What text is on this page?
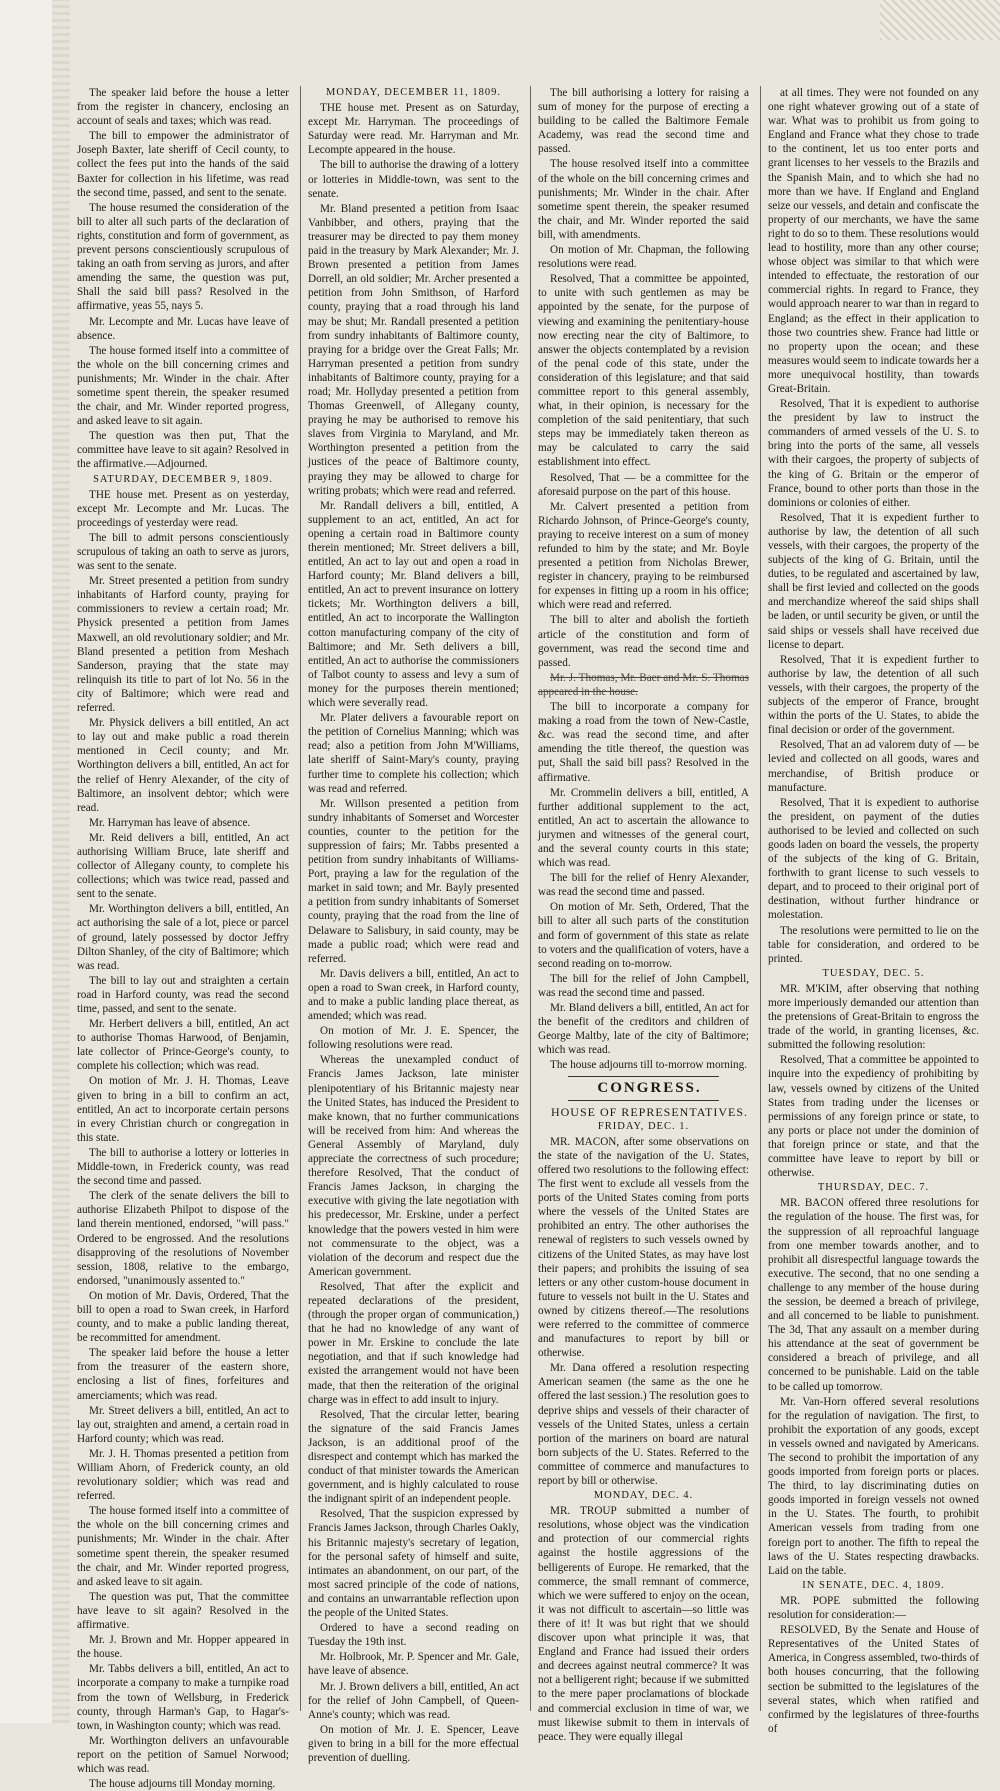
The speaker laid before the house a letter from the register in chancery, enclosing an account of seals and taxes; which was read.

The bill to empower the administrator of Joseph Baxter, late sheriff of Cecil county, to collect the fees put into the hands of the said Baxter for collection in his lifetime, was read the second time, passed, and sent to the senate.

The house resumed the consideration of the bill to alter all such parts of the declaration of rights, constitution and form of government, as prevent persons conscientiously scrupulous of taking an oath from serving as jurors, and after amending the same, the question was put, Shall the said bill pass? Resolved in the affirmative, yeas 55, nays 5.

Mr. Lecompte and Mr. Lucas have leave of absence.

The house formed itself into a committee of the whole on the bill concerning crimes and punishments; Mr. Winder in the chair. After sometime spent therein, the speaker resumed the chair, and Mr. Winder reported progress, and asked leave to sit again.

The question was then put, That the committee have leave to sit again? Resolved in the affirmative.—Adjourned.

SATURDAY, DECEMBER 9, 1809.

THE house met. Present as on yesterday, except Mr. Lecompte and Mr. Lucas. The proceedings of yesterday were read.

The bill to admit persons conscientiously scrupulous of taking an oath to serve as jurors, was sent to the senate.

Mr. Street presented a petition from sundry inhabitants of Harford county, praying for commissioners to review a certain road; Mr. Physick presented a petition from James Maxwell, an old revolutionary soldier; and Mr. Bland presented a petition from Meshach Sanderson, praying that the state may relinquish its title to part of lot No. 56 in the city of Baltimore; which were read and referred.

Mr. Physick delivers a bill entitled, An act to lay out and make public a road therein mentioned in Cecil county; and Mr. Worthington delivers a bill, entitled, An act for the relief of Henry Alexander, of the city of Baltimore, an insolvent debtor; which were read.

Mr. Harryman has leave of absence.

Mr. Reid delivers a bill, entitled, An act authorising William Bruce, late sheriff and collector of Allegany county, to complete his collections; which was twice read, passed and sent to the senate.

Mr. Worthington delivers a bill, entitled, An act authorising the sale of a lot, piece or parcel of ground, lately possessed by doctor Jeffry Dilton Shanley, of the city of Baltimore; which was read.

The bill to lay out and straighten a certain road in Harford county, was read the second time, passed, and sent to the senate.

Mr. Herbert delivers a bill, entitled, An act to authorise Thomas Harwood, of Benjamin, late collector of Prince-George's county, to complete his collection; which was read.

On motion of Mr. J. H. Thomas, Leave given to bring in a bill to confirm an act, entitled, An act to incorporate certain persons in every Christian church or congregation in this state.

The bill to authorise a lottery or lotteries in Middle-town, in Frederick county, was read the second time and passed.

The clerk of the senate delivers the bill to authorise Elizabeth Philpot to dispose of the land therein mentioned, endorsed, "will pass." Ordered to be engrossed. And the resolutions disapproving of the resolutions of November session, 1808, relative to the embargo, endorsed, "unanimously assented to."

On motion of Mr. Davis, Ordered, That the bill to open a road to Swan creek, in Harford county, and to make a public landing thereat, be recommitted for amendment.

The speaker laid before the house a letter from the treasurer of the eastern shore, enclosing a list of fines, forfeitures and amerciaments; which was read.

Mr. Street delivers a bill, entitled, An act to lay out, straighten and amend, a certain road in Harford county; which was read.

Mr. J. H. Thomas presented a petition from William Ahorn, of Frederick county, an old revolutionary soldier; which was read and referred.

The house formed itself into a committee of the whole on the bill concerning crimes and punishments; Mr. Winder in the chair. After sometime spent therein, the speaker resumed the chair, and Mr. Winder reported progress, and asked leave to sit again.

The question was put, That the committee have leave to sit again? Resolved in the affirmative.

Mr. J. Brown and Mr. Hopper appeared in the house.

Mr. Tabbs delivers a bill, entitled, An act to incorporate a company to make a turnpike road from the town of Wellsburg, in Frederick county, through Harman's Gap, to Hagar's-town, in Washington county; which was read.

Mr. Worthington delivers an unfavourable report on the petition of Samuel Norwood; which was read.

The house adjourns till Monday morning.

MONDAY, DECEMBER 11, 1809.

THE house met. Present as on Saturday, except Mr. Harryman. The proceedings of Saturday were read. Mr. Harryman and Mr. Lecompte appeared in the house.

The bill to authorise the drawing of a lottery or lotteries in Middle-town, was sent to the senate.

Mr. Bland presented a petition from Isaac Vanbibber, and others, praying that the treasurer may be directed to pay them money paid in the treasury by Mark Alexander; Mr. J. Brown presented a petition from James Dorrell, an old soldier; Mr. Archer presented a petition from John Smithson, of Harford county, praying that a road through his land may be shut; Mr. Randall presented a petition from sundry inhabitants of Baltimore county, praying for a bridge over the Great Falls; Mr. Harryman presented a petition from sundry inhabitants of Baltimore county, praying for a road; Mr. Hollyday presented a petition from Thomas Greenwell, of Allegany county, praying he may be authorised to remove his slaves from Virginia to Maryland, and Mr. Worthington presented a petition from the justices of the peace of Baltimore county, praying they may be allowed to charge for writing probats; which were read and referred.

Mr. Randall delivers a bill, entitled, A supplement to an act, entitled, An act for opening a certain road in Baltimore county therein mentioned; Mr. Street delivers a bill, entitled, An act to lay out and open a road in Harford county; Mr. Bland delivers a bill, entitled, An act to prevent insurance on lottery tickets; Mr. Worthington delivers a bill, entitled, An act to incorporate the Wallington cotton manufacturing company of the city of Baltimore; and Mr. Seth delivers a bill, entitled, An act to authorise the commissioners of Talbot county to assess and levy a sum of money for the purposes therein mentioned; which were severally read.

Mr. Plater delivers a favourable report on the petition of Cornelius Manning; which was read; also a petition from John M'Williams, late sheriff of Saint-Mary's county, praying further time to complete his collection; which was read and referred.

Mr. Willson presented a petition from sundry inhabitants of Somerset and Worcester counties, counter to the petition for the suppression of fairs; Mr. Tabbs presented a petition from sundry inhabitants of Williams-Port, praying a law for the regulation of the market in said town; and Mr. Bayly presented a petition from sundry inhabitants of Somerset county, praying that the road from the line of Delaware to Salisbury, in said county, may be made a public road; which were read and referred.

Mr. Davis delivers a bill, entitled, An act to open a road to Swan creek, in Harford county, and to make a public landing place thereat, as amended; which was read.

On motion of Mr. J. E. Spencer, the following resolutions were read.

Whereas the unexampled conduct of Francis James Jackson, late minister plenipotentiary of his Britannic majesty near the United States, has induced the President to make known, that no further communications will be received from him: And whereas the General Assembly of Maryland, duly appreciate the correctness of such procedure; therefore Resolved, That the conduct of Francis James Jackson, in charging the executive with giving the late negotiation with his predecessor, Mr. Erskine, under a perfect knowledge that the powers vested in him were not commensurate to the object, was a violation of the decorum and respect due the American government.

Resolved, That after the explicit and repeated declarations of the president, (through the proper organ of communication,) that he had no knowledge of any want of power in Mr. Erskine to conclude the late negotiation, and that if such knowledge had existed the arrangement would not have been made, that then the reiteration of the original charge was in effect to add insult to injury.

Resolved, That the circular letter, bearing the signature of the said Francis James Jackson, is an additional proof of the disrespect and contempt which has marked the conduct of that minister towards the American government, and is highly calculated to rouse the indignant spirit of an independent people.

Resolved, That the suspicion expressed by Francis James Jackson, through Charles Oakly, his Britannic majesty's secretary of legation, for the personal safety of himself and suite, intimates an abandonment, on our part, of the most sacred principle of the code of nations, and contains an unwarrantable reflection upon the people of the United States.

Ordered to have a second reading on Tuesday the 19th inst.

Mr. Holbrook, Mr. P. Spencer and Mr. Gale, have leave of absence.

Mr. J. Brown delivers a bill, entitled, An act for the relief of John Campbell, of Queen-Anne's county; which was read.

On motion of Mr. J. E. Spencer, Leave given to bring in a bill for the more effectual prevention of duelling.

The bill authorising a lottery for raising a sum of money for the purpose of erecting a building to be called the Baltimore Female Academy, was read the second time and passed.

The house resolved itself into a committee of the whole on the bill concerning crimes and punishments; Mr. Winder in the chair. After sometime spent therein, the speaker resumed the chair, and Mr. Winder reported the said bill, with amendments.

On motion of Mr. Chapman, the following resolutions were read.

Resolved, That a committee be appointed, to unite with such gentlemen as may be appointed by the senate, for the purpose of viewing and examining the penitentiary-house now erecting near the city of Baltimore, to answer the objects contemplated by a revision of the penal code of this state, under the consideration of this legislature; and that said committee report to this general assembly, what, in their opinion, is necessary for the completion of the said penitentiary, that such steps may be immediately taken thereon as may be calculated to carry the said establishment into effect.

Resolved, That — be a committee for the aforesaid purpose on the part of this house.

Mr. Calvert presented a petition from Richardo Johnson, of Prince-George's county, praying to receive interest on a sum of money refunded to him by the state; and Mr. Boyle presented a petition from Nicholas Brewer, register in chancery, praying to be reimbursed for expenses in fitting up a room in his office; which were read and referred.

The bill to alter and abolish the fortieth article of the constitution and form of government, was read the second time and passed.

Mr. J. Thomas, Mr. Baer and Mr. S. Thomas appeared in the house.

The bill to incorporate a company for making a road from the town of New-Castle, &c. was read the second time, and after amending the title thereof, the question was put, Shall the said bill pass? Resolved in the affirmative.

Mr. Crommelin delivers a bill, entitled, A further additional supplement to the act, entitled, An act to ascertain the allowance to jurymen and witnesses of the general court, and the several county courts in this state; which was read.

The bill for the relief of Henry Alexander, was read the second time and passed.

On motion of Mr. Seth, Ordered, That the bill to alter all such parts of the constitution and form of government of this state as relate to voters and the qualification of voters, have a second reading on to-morrow.

The bill for the relief of John Campbell, was read the second time and passed.

Mr. Bland delivers a bill, entitled, An act for the benefit of the creditors and children of George Maltby, late of the city of Baltimore; which was read.

The house adjourns till to-morrow morning.

CONGRESS.

HOUSE OF REPRESENTATIVES.

FRIDAY, DEC. 1.

MR. MACON, after some observations on the state of the navigation of the U. States, offered two resolutions to the following effect: The first went to exclude all vessels from the ports of the United States coming from ports where the vessels of the United States are prohibited an entry. The other authorises the renewal of registers to such vessels owned by citizens of the United States, as may have lost their papers; and prohibits the issuing of sea letters or any other custom-house document in future to vessels not built in the U. States and owned by citizens thereof.—The resolutions were referred to the committee of commerce and manufactures to report by bill or otherwise.

Mr. Dana offered a resolution respecting American seamen (the same as the one he offered the last session.) The resolution goes to deprive ships and vessels of their character of vessels of the United States, unless a certain portion of the mariners on board are natural born subjects of the U. States. Referred to the committee of commerce and manufactures to report by bill or otherwise.

MONDAY, DEC. 4.

MR. TROUP submitted a number of resolutions, whose object was the vindication and protection of our commercial rights against the hostile aggressions of the belligerents of Europe. He remarked, that the commerce, the small remnant of commerce, which we were suffered to enjoy on the ocean, it was not difficult to ascertain—so little was there of it! It was but right that we should discover upon what principle it was, that England and France had issued their orders and decrees against neutral commerce? It was not a belligerent right; because if we submitted to the mere paper proclamations of blockade and commercial exclusion in time of war, we must likewise submit to them in intervals of peace. They were equally illegal

at all times. They were not founded on any one right whatever growing out of a state of war. What was to prohibit us from going to England and France what they chose to trade to the continent, let us too enter ports and grant licenses to her vessels to the Brazils and the Spanish Main, and to which she had no more than we have. If England and England seize our vessels, and detain and confiscate the property of our merchants, we have the same right to do so to them. These resolutions would lead to hostility, more than any other course; whose object was similar to that which were intended to effectuate, the restoration of our commercial rights. In regard to France, they would approach nearer to war than in regard to England; as the effect in their application to those two countries shew. France had little or no property upon the ocean; and these measures would seem to indicate towards her a more unequivocal hostility, than towards Great-Britain.

Resolved, That it is expedient to authorise the president by law to instruct the commanders of armed vessels of the U. S. to bring into the ports of the same, all vessels with their cargoes, the property of subjects of the king of G. Britain or the emperor of France, bound to other ports than those in the dominions or colonies of either.

Resolved, That it is expedient further to authorise by law, the detention of all such vessels, with their cargoes, the property of the subjects of the king of G. Britain, until the duties, to be regulated and ascertained by law, shall be first levied and collected on the goods and merchandize whereof the said ships shall be laden, or until security be given, or until the said ships or vessels shall have received due license to depart.

Resolved, That it is expedient further to authorise by law, the detention of all such vessels, with their cargoes, the property of the subjects of the emperor of France, brought within the ports of the U. States, to abide the final decision or order of the government.

Resolved, That an ad valorem duty of — be levied and collected on all goods, wares and merchandise, of British produce or manufacture.

Resolved, That it is expedient to authorise the president, on payment of the duties authorised to be levied and collected on such goods laden on board the vessels, the property of the subjects of the king of G. Britain, forthwith to grant license to such vessels to depart, and to proceed to their original port of destination, without further hindrance or molestation.

The resolutions were permitted to lie on the table for consideration, and ordered to be printed.

TUESDAY, DEC. 5.

MR. M'KIM, after observing that nothing more imperiously demanded our attention than the pretensions of Great-Britain to engross the trade of the world, in granting licenses, &c. submitted the following resolution:

Resolved, That a committee be appointed to inquire into the expediency of prohibiting by law, vessels owned by citizens of the United States from trading under the licenses or permissions of any foreign prince or state, to any ports or place not under the dominion of that foreign prince or state, and that the committee have leave to report by bill or otherwise.

THURSDAY, DEC. 7.

MR. BACON offered three resolutions for the regulation of the house. The first was, for the suppression of all reproachful language from one member towards another, and to prohibit all disrespectful language towards the executive. The second, that no one sending a challenge to any member of the house during the session, be deemed a breach of privilege, and all concerned to be liable to punishment. The 3d, That any assault on a member during his attendance at the seat of government be considered a breach of privilege, and all concerned to be punishable. Laid on the table to be called up tomorrow.

Mr. Van-Horn offered several resolutions for the regulation of navigation. The first, to prohibit the exportation of any goods, except in vessels owned and navigated by Americans. The second to prohibit the importation of any goods imported from foreign ports or places. The third, to lay discriminating duties on goods imported in foreign vessels not owned in the U. States. The fourth, to prohibit American vessels from trading from one foreign port to another. The fifth to repeal the laws of the U. States respecting drawbacks. Laid on the table.

IN SENATE, DEC. 4, 1809.

MR. POPE submitted the following resolution for consideration:—

RESOLVED, By the Senate and House of Representatives of the United States of America, in Congress assembled, two-thirds of both houses concurring, that the following section be submitted to the legislatures of the several states, which when ratified and confirmed by the legislatures of three-fourths of
